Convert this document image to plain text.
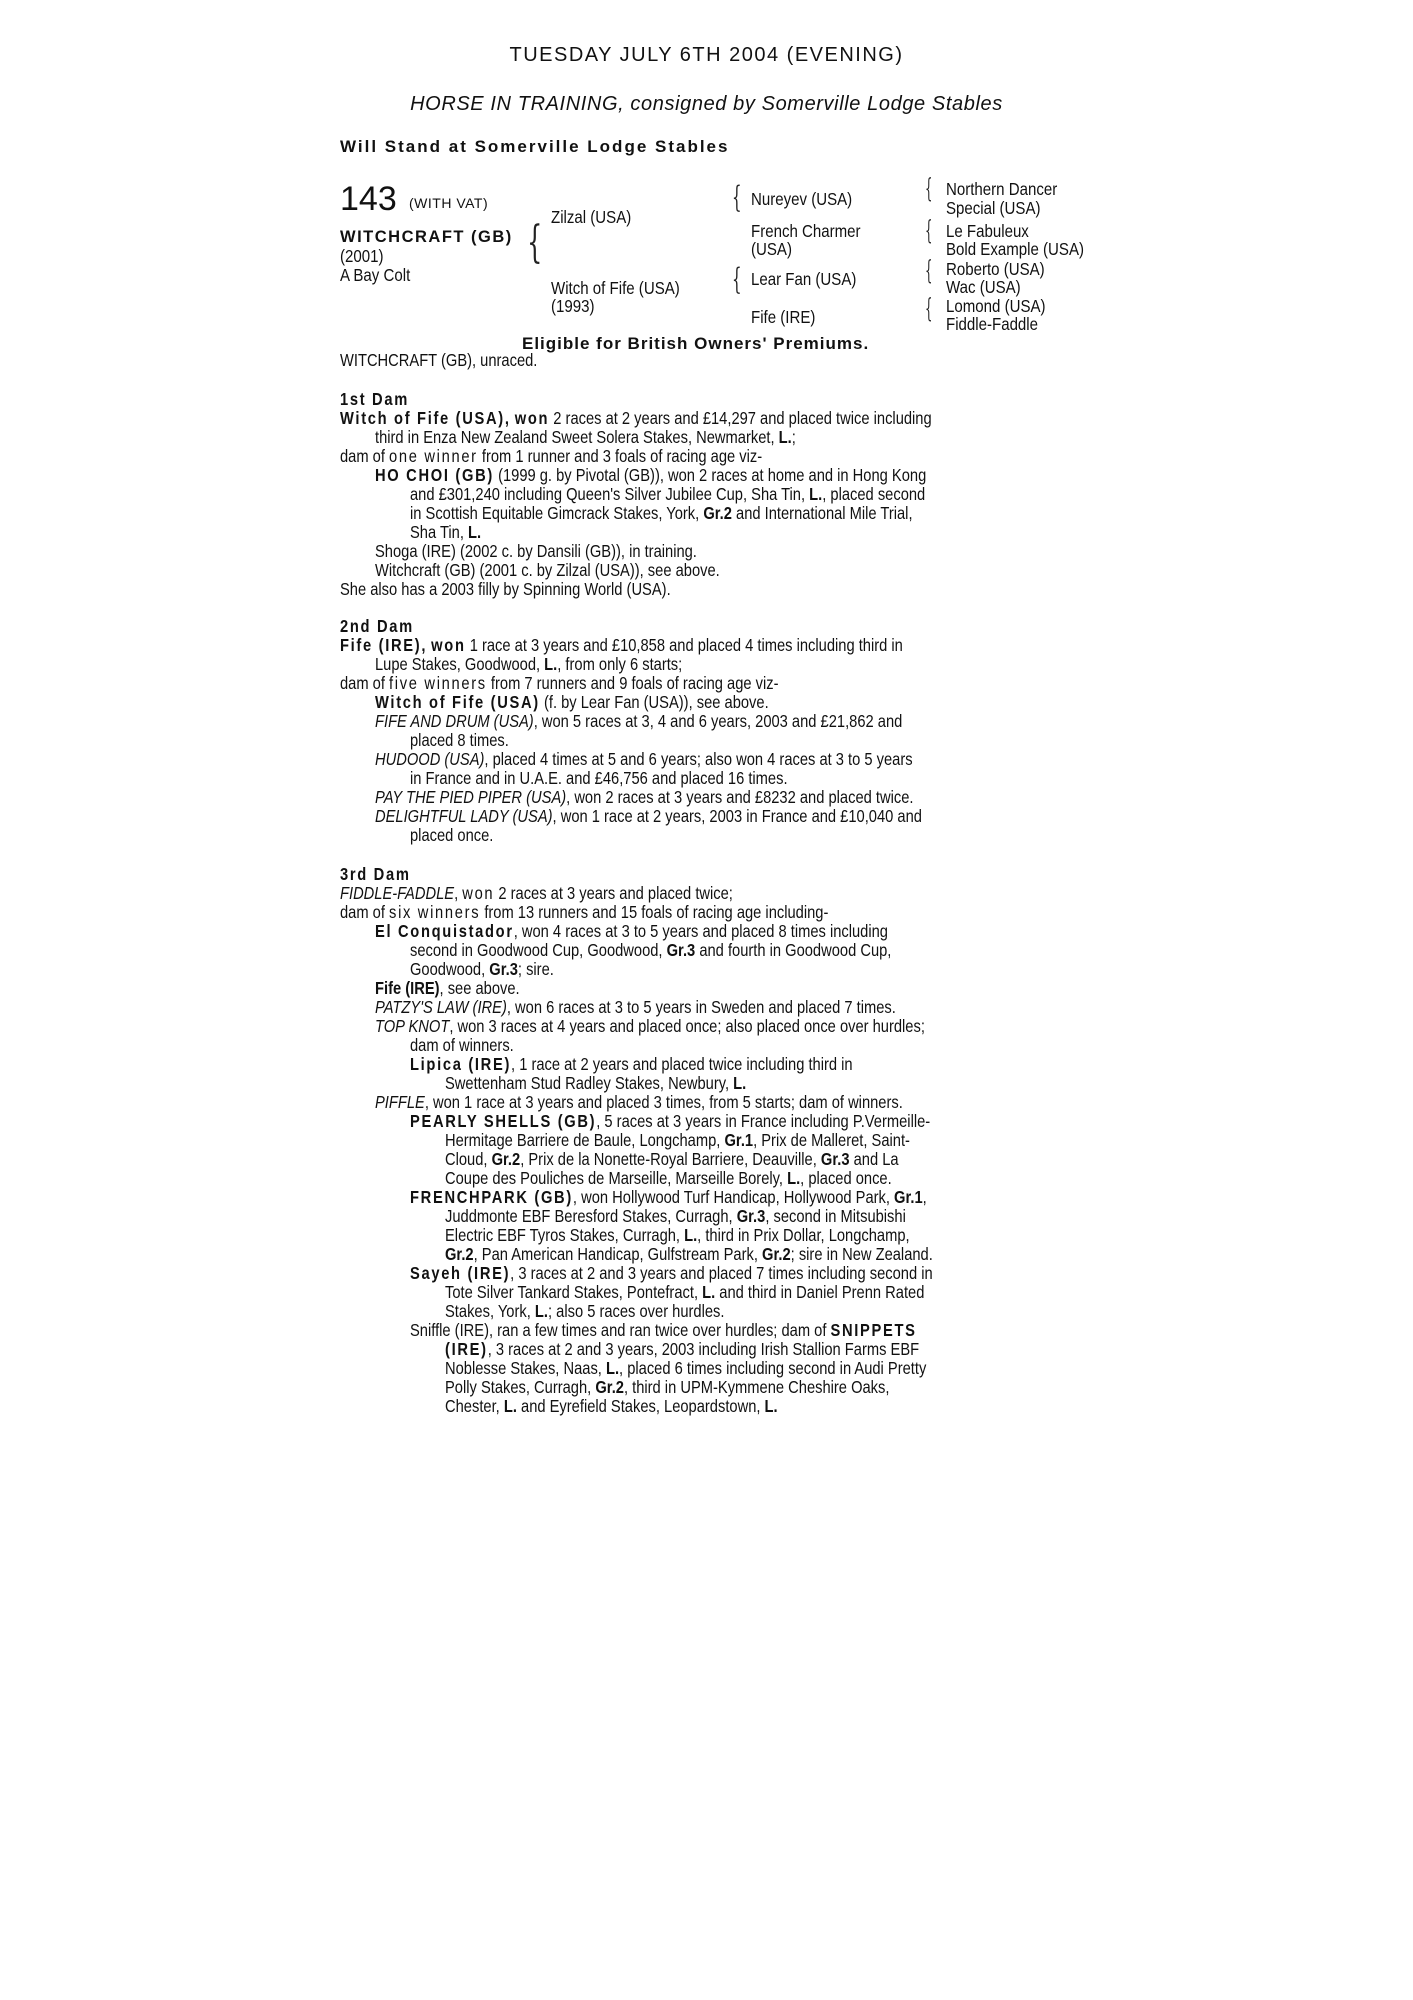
TUESDAY JULY 6TH 2004 (EVENING)
HORSE IN TRAINING, consigned by Somerville Lodge Stables
Will Stand at Somerville Lodge Stables
143 (WITH VAT)
WITCHCRAFT (GB)
(2001)
A Bay Colt
{
{
{
{
{
{
{
Zilzal (USA)
Witch of Fife (USA)
(1993)
Nureyev (USA)
French Charmer
(USA)
Lear Fan (USA)
Fife (IRE)
Northern Dancer
Special (USA)
Le Fabuleux
Bold Example (USA)
Roberto (USA)
Wac (USA)
Lomond (USA)
Fiddle-Faddle
Eligible for British Owners' Premiums.
WITCHCRAFT (GB), unraced.
1st Dam
Witch of Fife (USA), won 2 races at 2 years and £14,297 and placed twice including
third in Enza New Zealand Sweet Solera Stakes, Newmarket, L.;
dam of one winner from 1 runner and 3 foals of racing age viz-
HO CHOI (GB) (1999 g. by Pivotal (GB)), won 2 races at home and in Hong Kong
and £301,240 including Queen's Silver Jubilee Cup, Sha Tin, L., placed second
in Scottish Equitable Gimcrack Stakes, York, Gr.2 and International Mile Trial,
Sha Tin, L.
Shoga (IRE) (2002 c. by Dansili (GB)), in training.
Witchcraft (GB) (2001 c. by Zilzal (USA)), see above.
She also has a 2003 filly by Spinning World (USA).
2nd Dam
Fife (IRE), won 1 race at 3 years and £10,858 and placed 4 times including third in
Lupe Stakes, Goodwood, L., from only 6 starts;
dam of five winners from 7 runners and 9 foals of racing age viz-
Witch of Fife (USA) (f. by Lear Fan (USA)), see above.
FIFE AND DRUM (USA), won 5 races at 3, 4 and 6 years, 2003 and £21,862 and
placed 8 times.
HUDOOD (USA), placed 4 times at 5 and 6 years; also won 4 races at 3 to 5 years
in France and in U.A.E. and £46,756 and placed 16 times.
PAY THE PIED PIPER (USA), won 2 races at 3 years and £8232 and placed twice.
DELIGHTFUL LADY (USA), won 1 race at 2 years, 2003 in France and £10,040 and
placed once.
3rd Dam
FIDDLE-FADDLE, won 2 races at 3 years and placed twice;
dam of six winners from 13 runners and 15 foals of racing age including-
El Conquistador, won 4 races at 3 to 5 years and placed 8 times including
second in Goodwood Cup, Goodwood, Gr.3 and fourth in Goodwood Cup,
Goodwood, Gr.3; sire.
Fife (IRE), see above.
PATZY'S LAW (IRE), won 6 races at 3 to 5 years in Sweden and placed 7 times.
TOP KNOT, won 3 races at 4 years and placed once; also placed once over hurdles;
dam of winners.
Lipica (IRE), 1 race at 2 years and placed twice including third in
Swettenham Stud Radley Stakes, Newbury, L.
PIFFLE, won 1 race at 3 years and placed 3 times, from 5 starts; dam of winners.
PEARLY SHELLS (GB), 5 races at 3 years in France including P.Vermeille-
Hermitage Barriere de Baule, Longchamp, Gr.1, Prix de Malleret, Saint-
Cloud, Gr.2, Prix de la Nonette-Royal Barriere, Deauville, Gr.3 and La
Coupe des Pouliches de Marseille, Marseille Borely, L., placed once.
FRENCHPARK (GB), won Hollywood Turf Handicap, Hollywood Park, Gr.1,
Juddmonte EBF Beresford Stakes, Curragh, Gr.3, second in Mitsubishi
Electric EBF Tyros Stakes, Curragh, L., third in Prix Dollar, Longchamp,
Gr.2, Pan American Handicap, Gulfstream Park, Gr.2; sire in New Zealand.
Sayeh (IRE), 3 races at 2 and 3 years and placed 7 times including second in
Tote Silver Tankard Stakes, Pontefract, L. and third in Daniel Prenn Rated
Stakes, York, L.; also 5 races over hurdles.
Sniffle (IRE), ran a few times and ran twice over hurdles; dam of SNIPPETS
(IRE), 3 races at 2 and 3 years, 2003 including Irish Stallion Farms EBF
Noblesse Stakes, Naas, L., placed 6 times including second in Audi Pretty
Polly Stakes, Curragh, Gr.2, third in UPM-Kymmene Cheshire Oaks,
Chester, L. and Eyrefield Stakes, Leopardstown, L.
